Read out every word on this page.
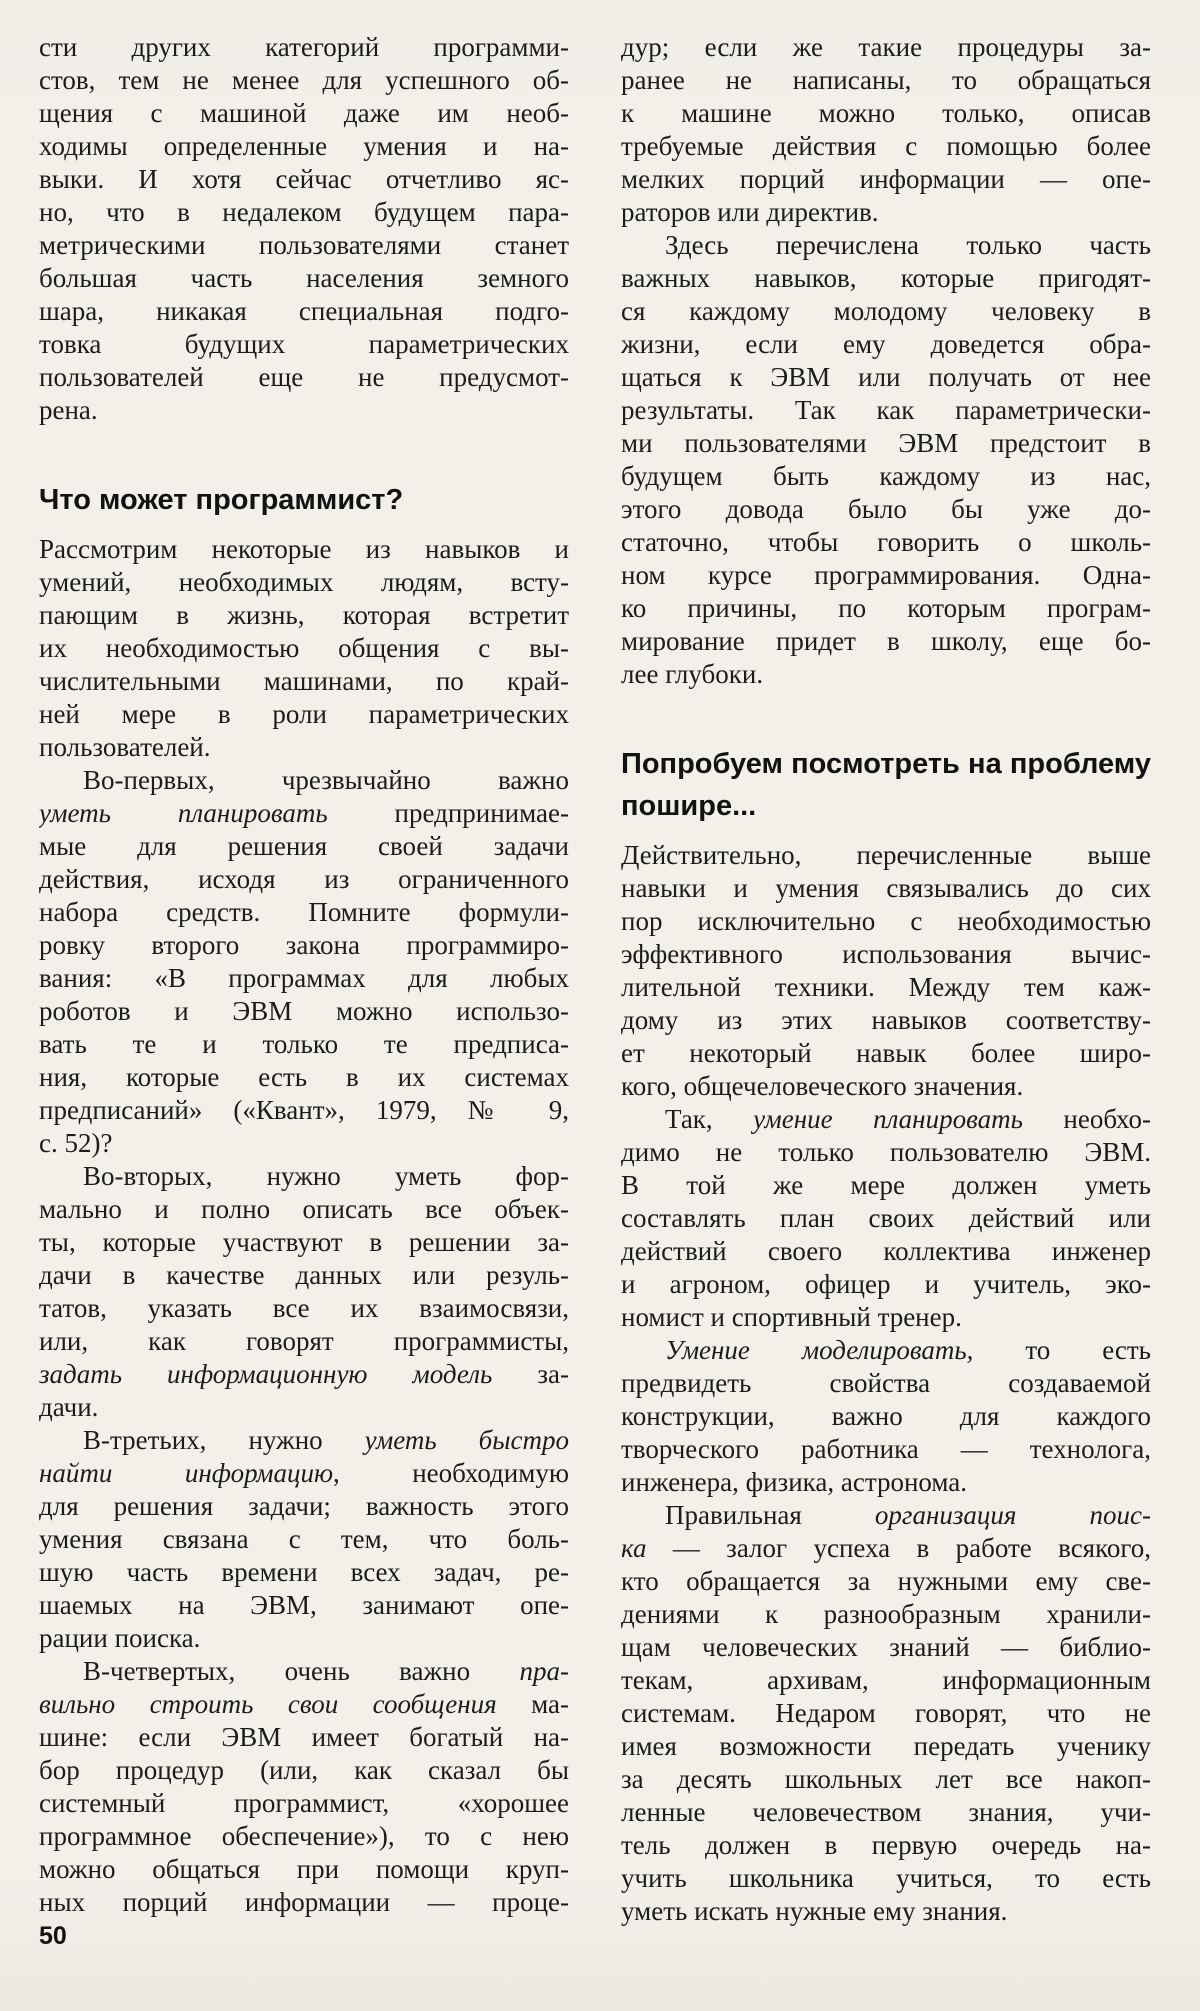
сти других категорий программи-
стов, тем не менее для успешного об-
щения с машиной даже им необ-
ходимы определенные умения и на-
выки. И хотя сейчас отчетливо яс-
но, что в недалеком будущем пара-
метрическими пользователями станет
большая часть населения земного
шара, никакая специальная подго-
товка будущих параметрических
пользователей еще не предусмот-
рена.
Что может программист?
Рассмотрим некоторые из навыков и
умений, необходимых людям, всту-
пающим в жизнь, которая встретит
их необходимостью общения с вы-
числительными машинами, по край-
ней мере в роли параметрических
пользователей.
Во-первых, чрезвычайно важно
уметь планировать предпринимае-
мые для решения своей задачи
действия, исходя из ограниченного
набора средств. Помните формули-
ровку второго закона программиро-
вания: «В программах для любых
роботов и ЭВМ можно использо-
вать те и только те предписа-
ния, которые есть в их системах
предписаний» («Квант», 1979, № 9,
с. 52)?
Во-вторых, нужно уметь фор-
мально и полно описать все объек-
ты, которые участвуют в решении за-
дачи в качестве данных или резуль-
татов, указать все их взаимосвязи,
или, как говорят программисты,
задать информационную модель за-
дачи.
В-третьих, нужно уметь быстро
найти информацию, необходимую
для решения задачи; важность этого
умения связана с тем, что боль-
шую часть времени всех задач, ре-
шаемых на ЭВМ, занимают опе-
рации поиска.
В-четвертых, очень важно пра-
вильно строить свои сообщения ма-
шине: если ЭВМ имеет богатый на-
бор процедур (или, как сказал бы
системный программист, «хорошее
программное обеспечение»), то с нею
можно общаться при помощи круп-
ных порций информации — проце-
дур; если же такие процедуры за-
ранее не написаны, то обращаться
к машине можно только, описав
требуемые действия с помощью более
мелких порций информации — опе-
раторов или директив.
Здесь перечислена только часть
важных навыков, которые пригодят-
ся каждому молодому человеку в
жизни, если ему доведется обра-
щаться к ЭВМ или получать от нее
результаты. Так как параметрически-
ми пользователями ЭВМ предстоит в
будущем быть каждому из нас,
этого довода было бы уже до-
статочно, чтобы говорить о школь-
ном курсе программирования. Одна-
ко причины, по которым програм-
мирование придет в школу, еще бо-
лее глубоки.
Попробуем посмотреть на проблему
пошире...
Действительно, перечисленные выше
навыки и умения связывались до сих
пор исключительно с необходимостью
эффективного использования вычис-
лительной техники. Между тем каж-
дому из этих навыков соответству-
ет некоторый навык более широ-
кого, общечеловеческого значения.
Так, умение планировать необхо-
димо не только пользователю ЭВМ.
В той же мере должен уметь
составлять план своих действий или
действий своего коллектива инженер
и агроном, офицер и учитель, эко-
номист и спортивный тренер.
Умение моделировать, то есть
предвидеть свойства создаваемой
конструкции, важно для каждого
творческого работника — технолога,
инженера, физика, астронома.
Правильная организация поис-
ка — залог успеха в работе всякого,
кто обращается за нужными ему све-
дениями к разнообразным хранили-
щам человеческих знаний — библио-
текам, архивам, информационным
системам. Недаром говорят, что не
имея возможности передать ученику
за десять школьных лет все накоп-
ленные человечеством знания, учи-
тель должен в первую очередь на-
учить школьника учиться, то есть
уметь искать нужные ему знания.
50
